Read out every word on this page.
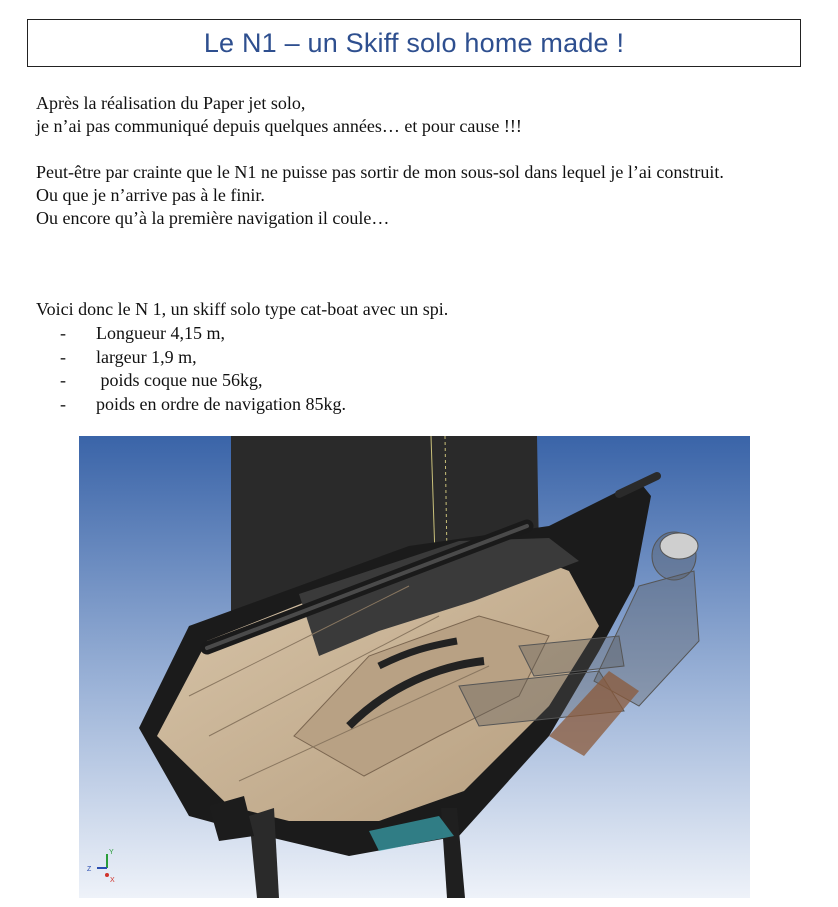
Le N1 – un Skiff solo home made !
Après la réalisation du Paper jet solo,
je n’ai pas communiqué depuis quelques années… et pour cause !!!
Peut-être par crainte que le N1 ne puisse pas sortir de mon sous-sol dans lequel je l’ai construit.
Ou que je n’arrive pas à le finir.
Ou encore qu’à la première navigation il coule…
Voici donc le N 1, un skiff solo type cat-boat avec un spi.
-	Longueur 4,15 m,
-	largeur 1,9 m,
-	poids coque nue 56kg,
-	poids en ordre de navigation 85kg.
Y
Z
X
